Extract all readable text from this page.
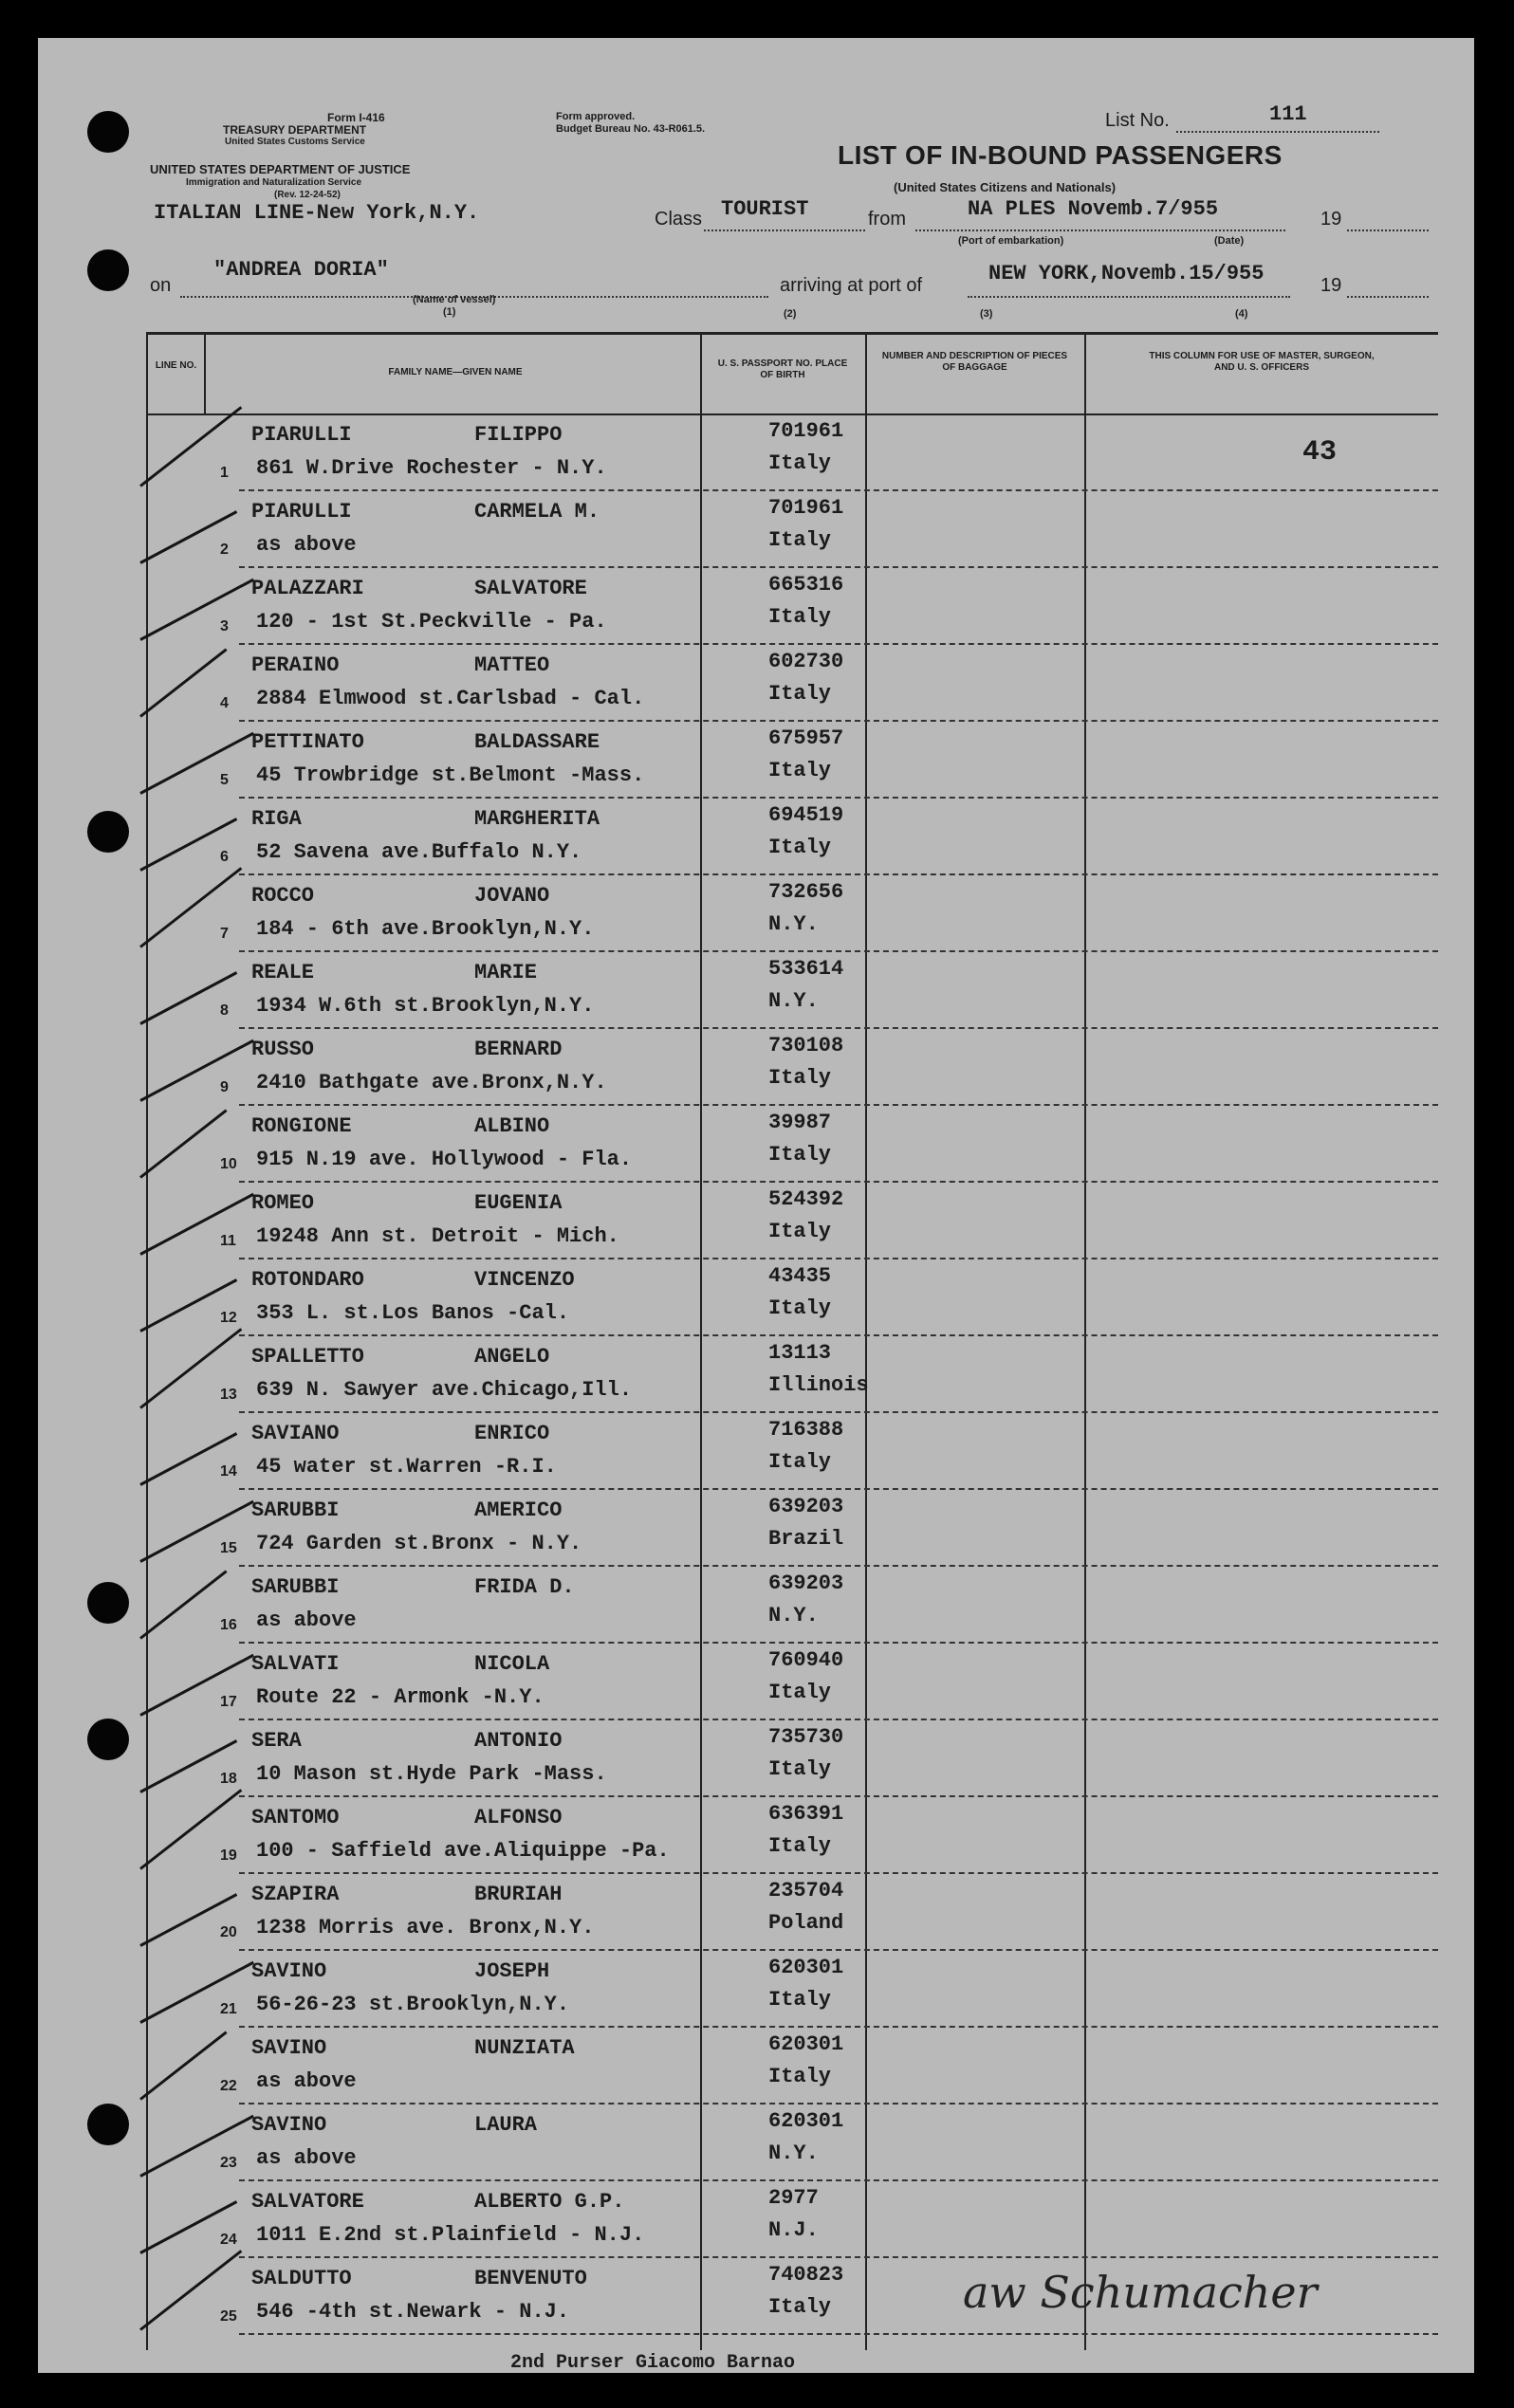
Form I-416
TREASURY DEPARTMENT
United States Customs Service
UNITED STATES DEPARTMENT OF JUSTICE
Immigration and Naturalization Service
(Rev. 12-24-52)
Form approved.
Budget Bureau No. 43-R061.5.	List No.	111
LIST OF IN-BOUND PASSENGERS
(United States Citizens and Nationals)
ITALIAN LINE-New York,N.Y.	Class TOURIST	from	NA PLES Novemb.7/955	19
(Port of embarkation)	(Date)
on
"ANDREA DORIA"
(Name of vessel)
(1)
arriving at port of	NEW YORK,Novemb.15/955	19
(2)	(3)	(4)
LINE NO.
FAMILY NAME—GIVEN NAME
U. S. PASSPORT NO. PLACE OF BIRTH
NUMBER AND DESCRIPTION OF PIECES OF BAGGAGE
THIS COLUMN FOR USE OF MASTER, SURGEON, AND U. S. OFFICERS
43
1
PIARULLI	FILIPPO
861 W.Drive Rochester - N.Y.
701961
Italy
2
PIARULLI	CARMELA M.
as above
701961
Italy
3
PALAZZARI	SALVATORE
120 - 1st St.Peckville - Pa.
665316
Italy
4
PERAINO	MATTEO
2884 Elmwood st.Carlsbad - Cal.
602730
Italy
5
PETTINATO	BALDASSARE
45 Trowbridge st.Belmont -Mass.
675957
Italy
6
RIGA	MARGHERITA
52 Savena ave.Buffalo N.Y.
694519
Italy
7
ROCCO	JOVANO
184 - 6th ave.Brooklyn,N.Y.
732656
N.Y.
8
REALE	MARIE
1934 W.6th st.Brooklyn,N.Y.
533614
N.Y.
9
RUSSO	BERNARD
2410 Bathgate ave.Bronx,N.Y.
730108
Italy
10
RONGIONE	ALBINO
915 N.19 ave. Hollywood - Fla.
39987
Italy
11
ROMEO	EUGENIA
19248 Ann st. Detroit - Mich.
524392
Italy
12
ROTONDARO	VINCENZO
353 L. st.Los Banos -Cal.
43435
Italy
13
SPALLETTO	ANGELO
639 N. Sawyer ave.Chicago,Ill.
13113
Illinois
14
SAVIANO	ENRICO
45 water st.Warren -R.I.
716388
Italy
15
SARUBBI	AMERICO
724 Garden st.Bronx - N.Y.
639203
Brazil
16
SARUBBI	FRIDA D.
as above
639203
N.Y.
17
SALVATI	NICOLA
Route 22 - Armonk -N.Y.
760940
Italy
18
SERA	ANTONIO
10 Mason st.Hyde Park -Mass.
735730
Italy
19
SANTOMO	ALFONSO
100 - Saffield ave.Aliquippe -Pa.
636391
Italy
20
SZAPIRA	BRURIAH
1238 Morris ave. Bronx,N.Y.
235704
Poland
21
SAVINO	JOSEPH
56-26-23 st.Brooklyn,N.Y.
620301
Italy
22
SAVINO	NUNZIATA
as above
620301
Italy
23
SAVINO	LAURA
as above
620301
N.Y.
24
SALVATORE	ALBERTO G.P.
1011 E.2nd st.Plainfield - N.J.
2977
N.J.
25
SALDUTTO	BENVENUTO
546 -4th st.Newark - N.J.
740823
Italy
2nd Purser Giacomo Barnao
aw Schumacher
